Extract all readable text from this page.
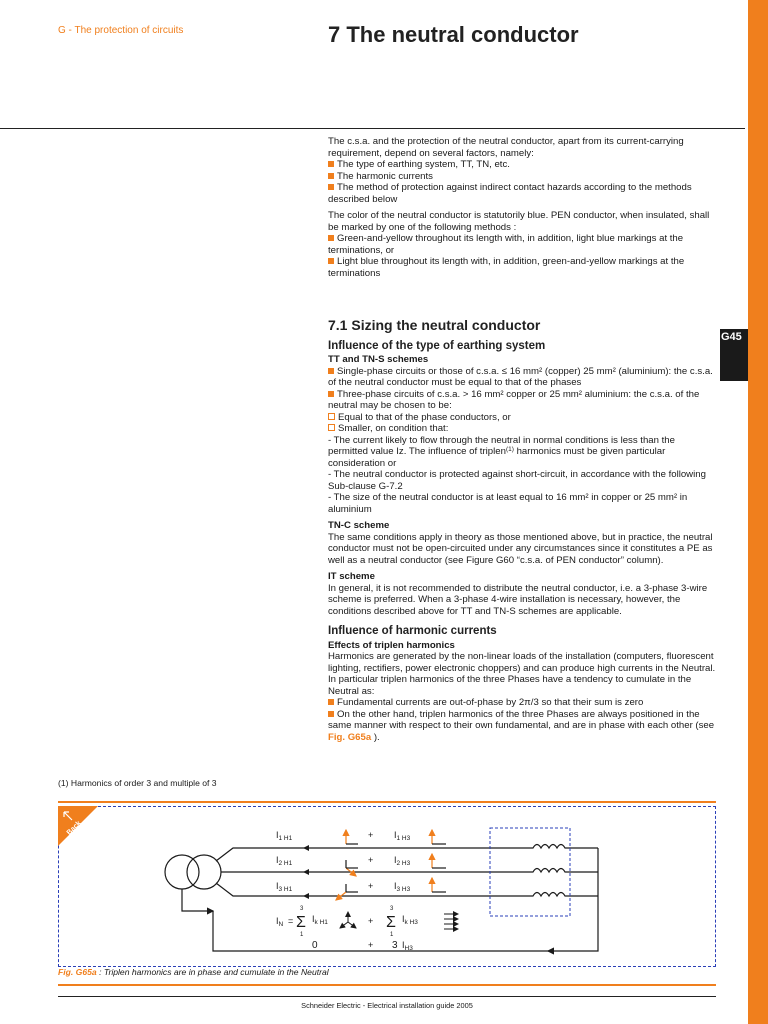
G45
G - The protection of circuits	7 The neutral conductor

The c.s.a. and the protection of the neutral conductor, apart from its current-carrying requirement, depend on several factors, namely:

The type of earthing system, TT, TN, etc.

The harmonic currents

The method of protection against indirect contact hazards according to the methods described below

The color of the neutral conductor is statutorily blue. PEN conductor, when insulated, shall be marked by one of the following methods :

Green-and-yellow throughout its length with, in addition, light blue markings at the terminations, or

Light blue throughout its length with, in addition, green-and-yellow markings at the terminations

7.1 Sizing the neutral conductor

Influence of the type of earthing system

TT and TN-S schemes

Single-phase circuits or those of c.s.a. ≤ 16 mm² (copper) 25 mm² (aluminium): the c.s.a. of the neutral conductor must be equal to that of the phases

Three-phase circuits of c.s.a. > 16 mm² copper or 25 mm² aluminium: the c.s.a. of the neutral may be chosen to be:

Equal to that of the phase conductors, or

Smaller, on condition that:

- The current likely to flow through the neutral in normal conditions is less than the permitted value Iz. The influence of triplen$^{(1)}$ harmonics must be given particular consideration or

- The neutral conductor is protected against short-circuit, in accordance with the following Sub-clause G-7.2

- The size of the neutral conductor is at least equal to 16 mm² in copper or 25 mm² in aluminium

TN-C scheme

The same conditions apply in theory as those mentioned above, but in practice, the neutral conductor must not be open-circuited under any circumstances since it constitutes a PE as well as a neutral conductor (see Figure G60 “c.s.a. of PEN conductor” column).

IT scheme

In general, it is not recommended to distribute the neutral conductor, i.e. a 3-phase 3-wire scheme is preferred. When a 3-phase 4-wire installation is necessary, however, the conditions described above for TT and TN-S schemes are applicable.

Influence of harmonic currents

Effects of triplen harmonics

Harmonics are generated by the non-linear loads of the installation (computers, fluorescent lighting, rectifiers, power electronic choppers) and can produce high currents in the Neutral. In particular triplen harmonics of the three Phases have a tendency to cumulate in the Neutral as:

Fundamental currents are out-of-phase by 2π/3 so that their sum is zero

On the other hand, triplen harmonics of the three Phases are always positioned in the same manner with respect to their own fundamental, and are in phase with each other (see Fig. G65a ).

(1) Harmonics of order 3 and multiple of 3
Back	$I_{1 H1}$
$I_{2 H1}$
$I_{3 H1}$
+
+
+
$I_{1 H3}$
$I_{2 H3}$
$I_{3 H3}$
$I_N = \Sigma$
3
1
$I_{k H1}$	+ Σ
3
1
$I_{k H3}$
0	+ 3 $I_{H3}$
Fig. G65a : Triplen harmonics are in phase and cumulate in the Neutral
Schneider Electric - Electrical installation guide 2005
